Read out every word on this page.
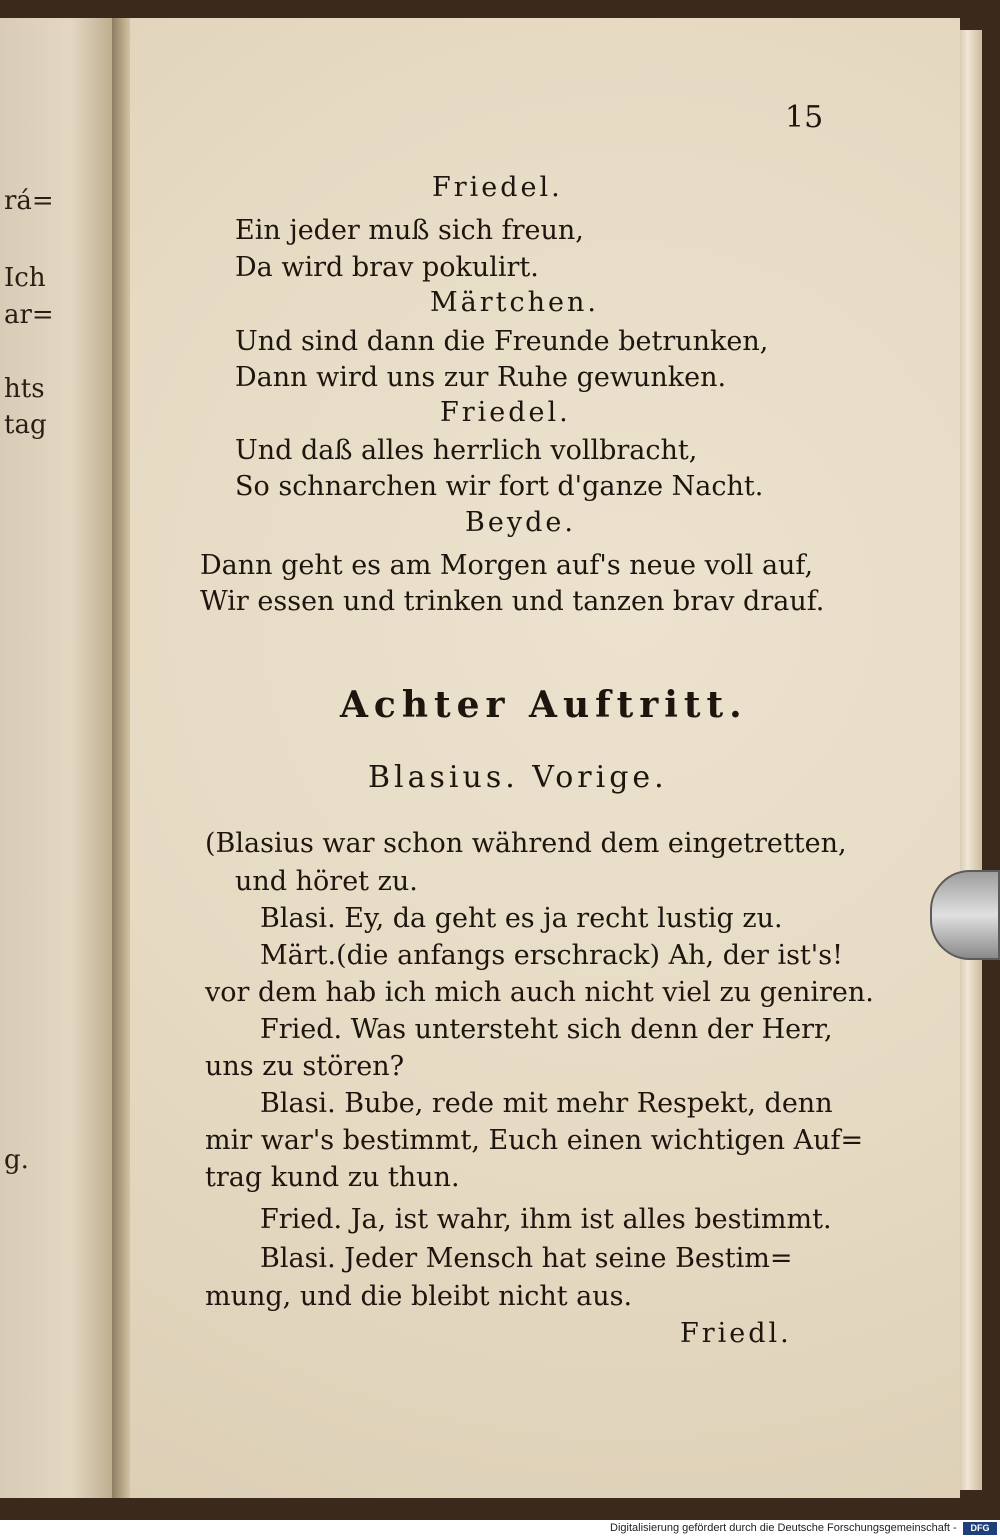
rá=
Ich
ar=
hts
tag
g.
15
Friedel.
Ein jeder muß sich freun,
Da wird brav pokulirt.
Märtchen.
Und sind dann die Freunde betrunken,
Dann wird uns zur Ruhe gewunken.
Friedel.
Und daß alles herrlich vollbracht,
So schnarchen wir fort d'ganze Nacht.
Beyde.
Dann geht es am Morgen auf's neue voll auf,
Wir essen und trinken und tanzen brav drauf.
Achter Auftritt.
Blasius. Vorige.
(Blasius war schon während dem eingetretten,
und höret zu.
Blasi. Ey, da geht es ja recht lustig zu.
Märt.(die anfangs erschrack) Ah, der ist's!
vor dem hab ich mich auch nicht viel zu geniren.
Fried. Was untersteht sich denn der Herr,
uns zu stören?
Blasi. Bube, rede mit mehr Respekt, denn
mir war's bestimmt, Euch einen wichtigen Auf=
trag kund zu thun.
Fried. Ja, ist wahr, ihm ist alles bestimmt.
Blasi. Jeder Mensch hat seine Bestim=
mung, und die bleibt nicht aus.
Friedl.
Digitalisierung gefördert durch die Deutsche Forschungsgemeinschaft -	DFG
